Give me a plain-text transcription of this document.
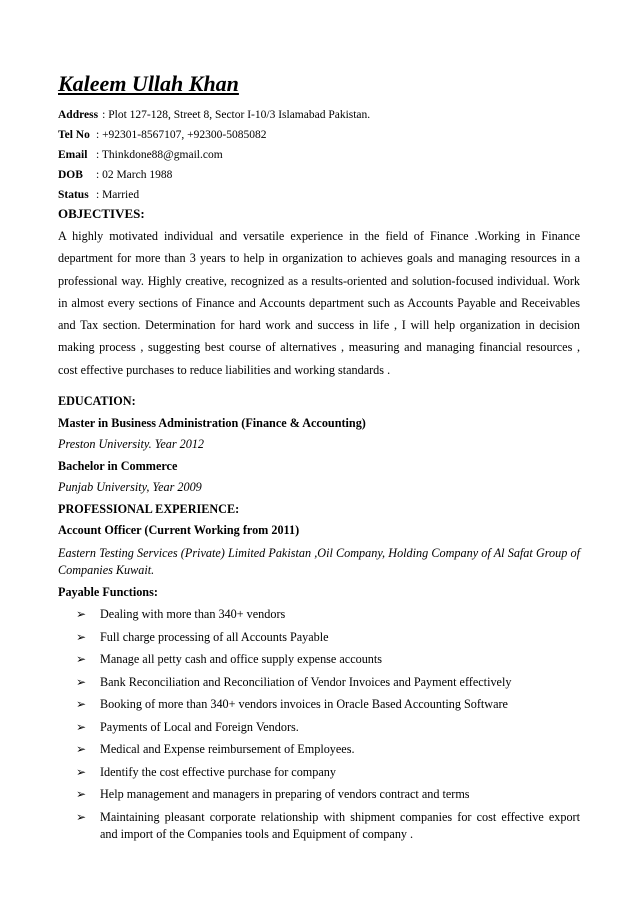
Kaleem Ullah Khan
Address : Plot 127-128, Street 8, Sector I-10/3 Islamabad Pakistan.
Tel No : +92301-8567107, +92300-5085082
Email : Thinkdone88@gmail.com
DOB	: 02 March 1988
Status : Married
OBJECTIVES:

A highly motivated individual and versatile experience in the field of Finance .Working in Finance department for more than 3 years to help in organization to achieves goals and managing resources in a professional way. Highly creative, recognized as a results-oriented and solution-focused individual. Work in almost every sections of Finance and Accounts department such as Accounts Payable and Receivables and Tax section. Determination for hard work and success in life , I will help organization in decision making process , suggesting best course of alternatives , measuring and managing financial resources , cost effective purchases to reduce liabilities and working standards .

EDUCATION:
Master in Business Administration (Finance & Accounting)
Preston University. Year 2012
Bachelor in Commerce
Punjab University, Year 2009
PROFESSIONAL EXPERIENCE:
Account Officer (Current Working from 2011)
Eastern Testing Services (Private) Limited Pakistan ,Oil Company, Holding Company of Al Safat Group of Companies Kuwait.
Payable Functions:
➢	Dealing with more than 340+ vendors
➢	Full charge processing of all Accounts Payable
➢	Manage all petty cash and office supply expense accounts
➢	Bank Reconciliation and Reconciliation of Vendor Invoices and Payment effectively
➢	Booking of more than 340+ vendors invoices in Oracle Based Accounting Software
➢	Payments of Local and Foreign Vendors.
➢	Medical and Expense reimbursement of Employees.
➢	Identify the cost effective purchase for company
➢	Help management and managers in preparing of vendors contract and terms
➢	Maintaining pleasant corporate relationship with shipment companies for cost effective export and import of the Companies tools and Equipment of company .
